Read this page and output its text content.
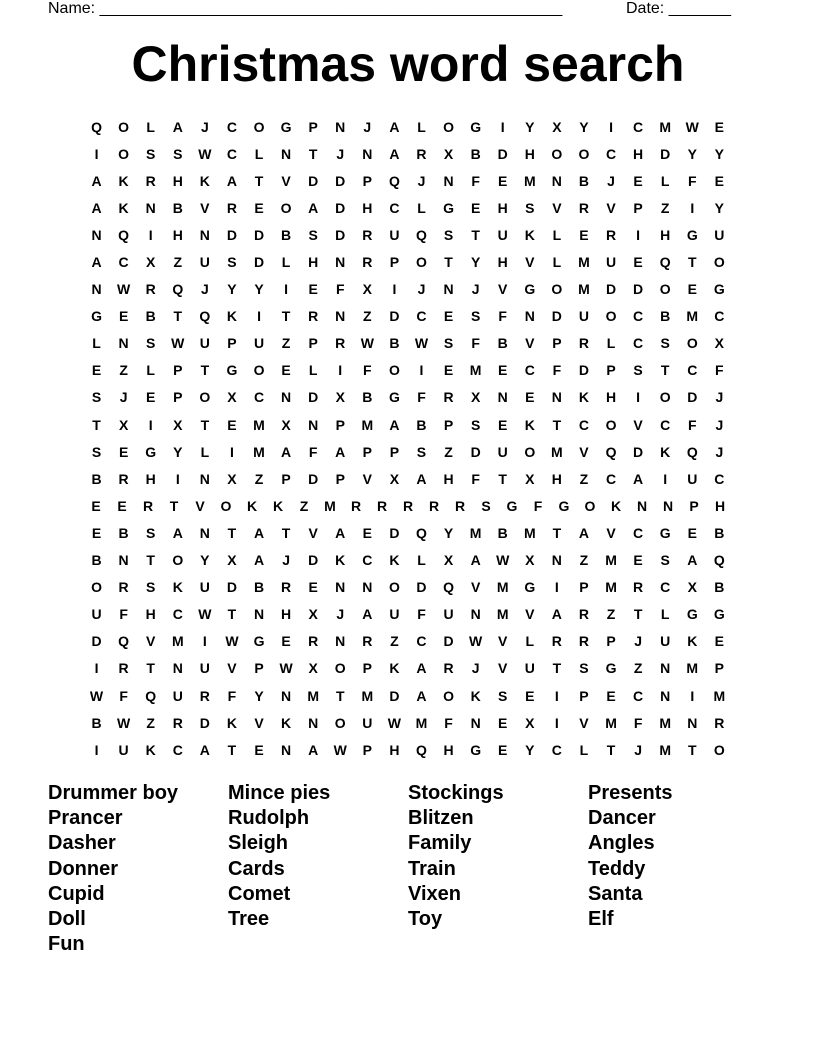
Name: ____________________________________________________	Date: _______
Christmas word search
Q	O	L	A	J	C	O	G	P	N	J	A	L	O	G	I	Y	X	Y	I	C	M	W	E
I	O	S	S	W	C	L	N	T	J	N	A	R	X	B	D	H	O	O	C	H	D	Y	Y
A	K	R	H	K	A	T	V	D	D	P	Q	J	N	F	E	M	N	B	J	E	L	F	E
A	K	N	B	V	R	E	O	A	D	H	C	L	G	E	H	S	V	R	V	P	Z	I	Y
N	Q	I	H	N	D	D	B	S	D	R	U	Q	S	T	U	K	L	E	R	I	H	G	U
A	C	X	Z	U	S	D	L	H	N	R	P	O	T	Y	H	V	L	M	U	E	Q	T	O
N	W	R	Q	J	Y	Y	I	E	F	X	I	J	N	J	V	G	O	M	D	D	O	E	G
G	E	B	T	Q	K	I	T	R	N	Z	D	C	E	S	F	N	D	U	O	C	B	M	C
L	N	S	W	U	P	U	Z	P	R	W	B	W	S	F	B	V	P	R	L	C	S	O	X
E	Z	L	P	T	G	O	E	L	I	F	O	I	E	M	E	C	F	D	P	S	T	C	F
S	J	E	P	O	X	C	N	D	X	B	G	F	R	X	N	E	N	K	H	I	O	D	J
T	X	I	X	T	E	M	X	N	P	M	A	B	P	S	E	K	T	C	O	V	C	F	J
S	E	G	Y	L	I	M	A	F	A	P	P	S	Z	D	U	O	M	V	Q	D	K	Q	J
B	R	H	I	N	X	Z	P	D	P	V	X	A	H	F	T	X	H	Z	C	A	I	U	C
E	E	R	T	V	O	K	K	Z	M	R	R	R	R	R	S	G	F	G	O	K	N	N	P	H
E	B	S	A	N	T	A	T	V	A	E	D	Q	Y	M	B	M	T	A	V	C	G	E	B
B	N	T	O	Y	X	A	J	D	K	C	K	L	X	A	W	X	N	Z	M	E	S	A	Q
O	R	S	K	U	D	B	R	E	N	N	O	D	Q	V	M	G	I	P	M	R	C	X	B
U	F	H	C	W	T	N	H	X	J	A	U	F	U	N	M	V	A	R	Z	T	L	G	G
D	Q	V	M	I	W	G	E	R	N	R	Z	C	D	W	V	L	R	R	P	J	U	K	E
I	R	T	N	U	V	P	W	X	O	P	K	A	R	J	V	U	T	S	G	Z	N	M	P
W	F	Q	U	R	F	Y	N	M	T	M	D	A	O	K	S	E	I	P	E	C	N	I	M
B	W	Z	R	D	K	V	K	N	O	U	W	M	F	N	E	X	I	V	M	F	M	N	R
I	U	K	C	A	T	E	N	A	W	P	H	Q	H	G	E	Y	C	L	T	J	M	T	O
Drummer boy	Mince pies	Stockings	Presents
Prancer	Rudolph	Blitzen	Dancer
Dasher	Sleigh	Family	Angles
Donner	Cards	Train	Teddy
Cupid	Comet	Vixen	Santa
Doll	Tree	Toy	Elf
Fun
